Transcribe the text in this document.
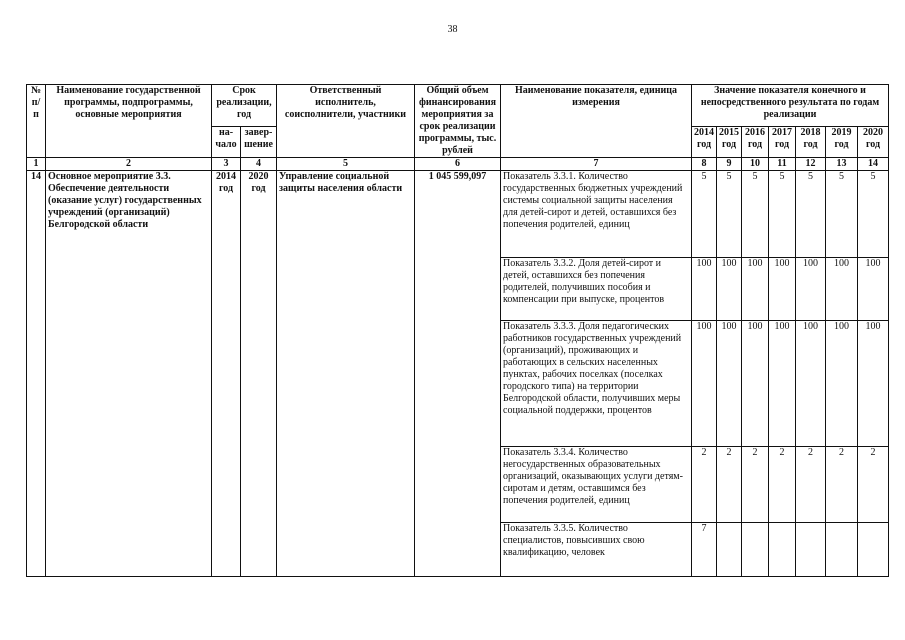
38
№ п/п	Наименование государственной программы, подпрограммы, основные мероприятия	Срок реализации, год		Ответственный исполнитель, соисполнители, участники	Общий объем финансирования мероприятия за срок реализации программы, тыс. рублей	Наименование показателя, единица измерения	Значение показателя конечного и непосредственного результата по годам реализации						
		на-чало	завер-шение				2014 год	2015 год	2016 год	2017 год	2018 год	2019 год	2020 год
1	2	3	4	5	6	7	8	9	10	11	12	13	14
14	Основное мероприятие 3.3. Обеспечение деятельности (оказание услуг) государственных учреждений (организаций) Белгородской области	2014 год	2020 год	Управление социальной защиты населения области	1 045 599,097	Показатель 3.3.1. Количество государственных бюджетных учреждений системы социальной защиты населения для детей-сирот и детей, оставшихся без попечения родителей, единиц	5	5	5	5	5	5	5
						Показатель 3.3.2. Доля детей-сирот и детей, оставшихся без попечения родителей, получивших пособия и компенсации при выпуске, процентов	100	100	100	100	100	100	100
						Показатель 3.3.3. Доля педагогических работников государственных учреждений (организаций), проживающих и работающих в сельских населенных пунктах, рабочих поселках (поселках городского типа) на территории Белгородской области, получивших меры социальной поддержки, процентов	100	100	100	100	100	100	100
						Показатель 3.3.4. Количество негосударственных образовательных организаций, оказывающих услуги детям-сиротам и детям, оставшимся без попечения родителей, единиц	2	2	2	2	2	2	2
						Показатель 3.3.5. Количество специалистов, повысивших свою квалификацию, человек	7						
